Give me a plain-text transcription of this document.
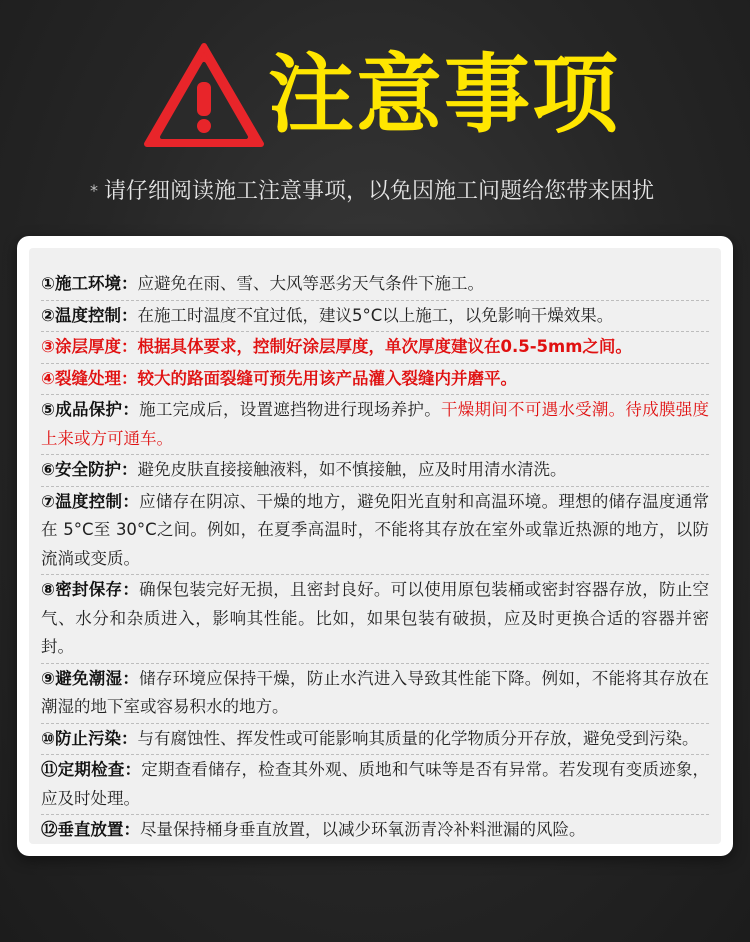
注意事项
* 请仔细阅读施工注意事项，以免因施工问题给您带来困扰
①施工环境：应避免在雨、雪、大风等恶劣天气条件下施工。
②温度控制：在施工时温度不宜过低，建议5°C以上施工，以免影响干燥效果。
③涂层厚度：根据具体要求，控制好涂层厚度，单次厚度建议在0.5-5mm之间。
④裂缝处理：较大的路面裂缝可预先用该产品灌入裂缝内并磨平。
⑤成品保护：施工完成后，设置遮挡物进行现场养护。干燥期间不可遇水受潮。待成膜强度上来或方可通车。
⑥安全防护：避免皮肤直接接触液料，如不慎接触，应及时用清水清洗。
⑦温度控制：应储存在阴凉、干燥的地方，避免阳光直射和高温环境。理想的储存温度通常在 5°C至 30°C之间。例如，在夏季高温时，不能将其存放在室外或靠近热源的地方，以防流淌或变质。
⑧密封保存：确保包装完好无损，且密封良好。可以使用原包装桶或密封容器存放，防止空气、水分和杂质进入，影响其性能。比如，如果包装有破损，应及时更换合适的容器并密封。
⑨避免潮湿：储存环境应保持干燥，防止水汽进入导致其性能下降。例如，不能将其存放在潮湿的地下室或容易积水的地方。
⑩防止污染：与有腐蚀性、挥发性或可能影响其质量的化学物质分开存放，避免受到污染。
⑪定期检查：定期查看储存，检查其外观、质地和气味等是否有异常。若发现有变质迹象，应及时处理。
⑫垂直放置：尽量保持桶身垂直放置，以减少环氧沥青冷补料泄漏的风险。
